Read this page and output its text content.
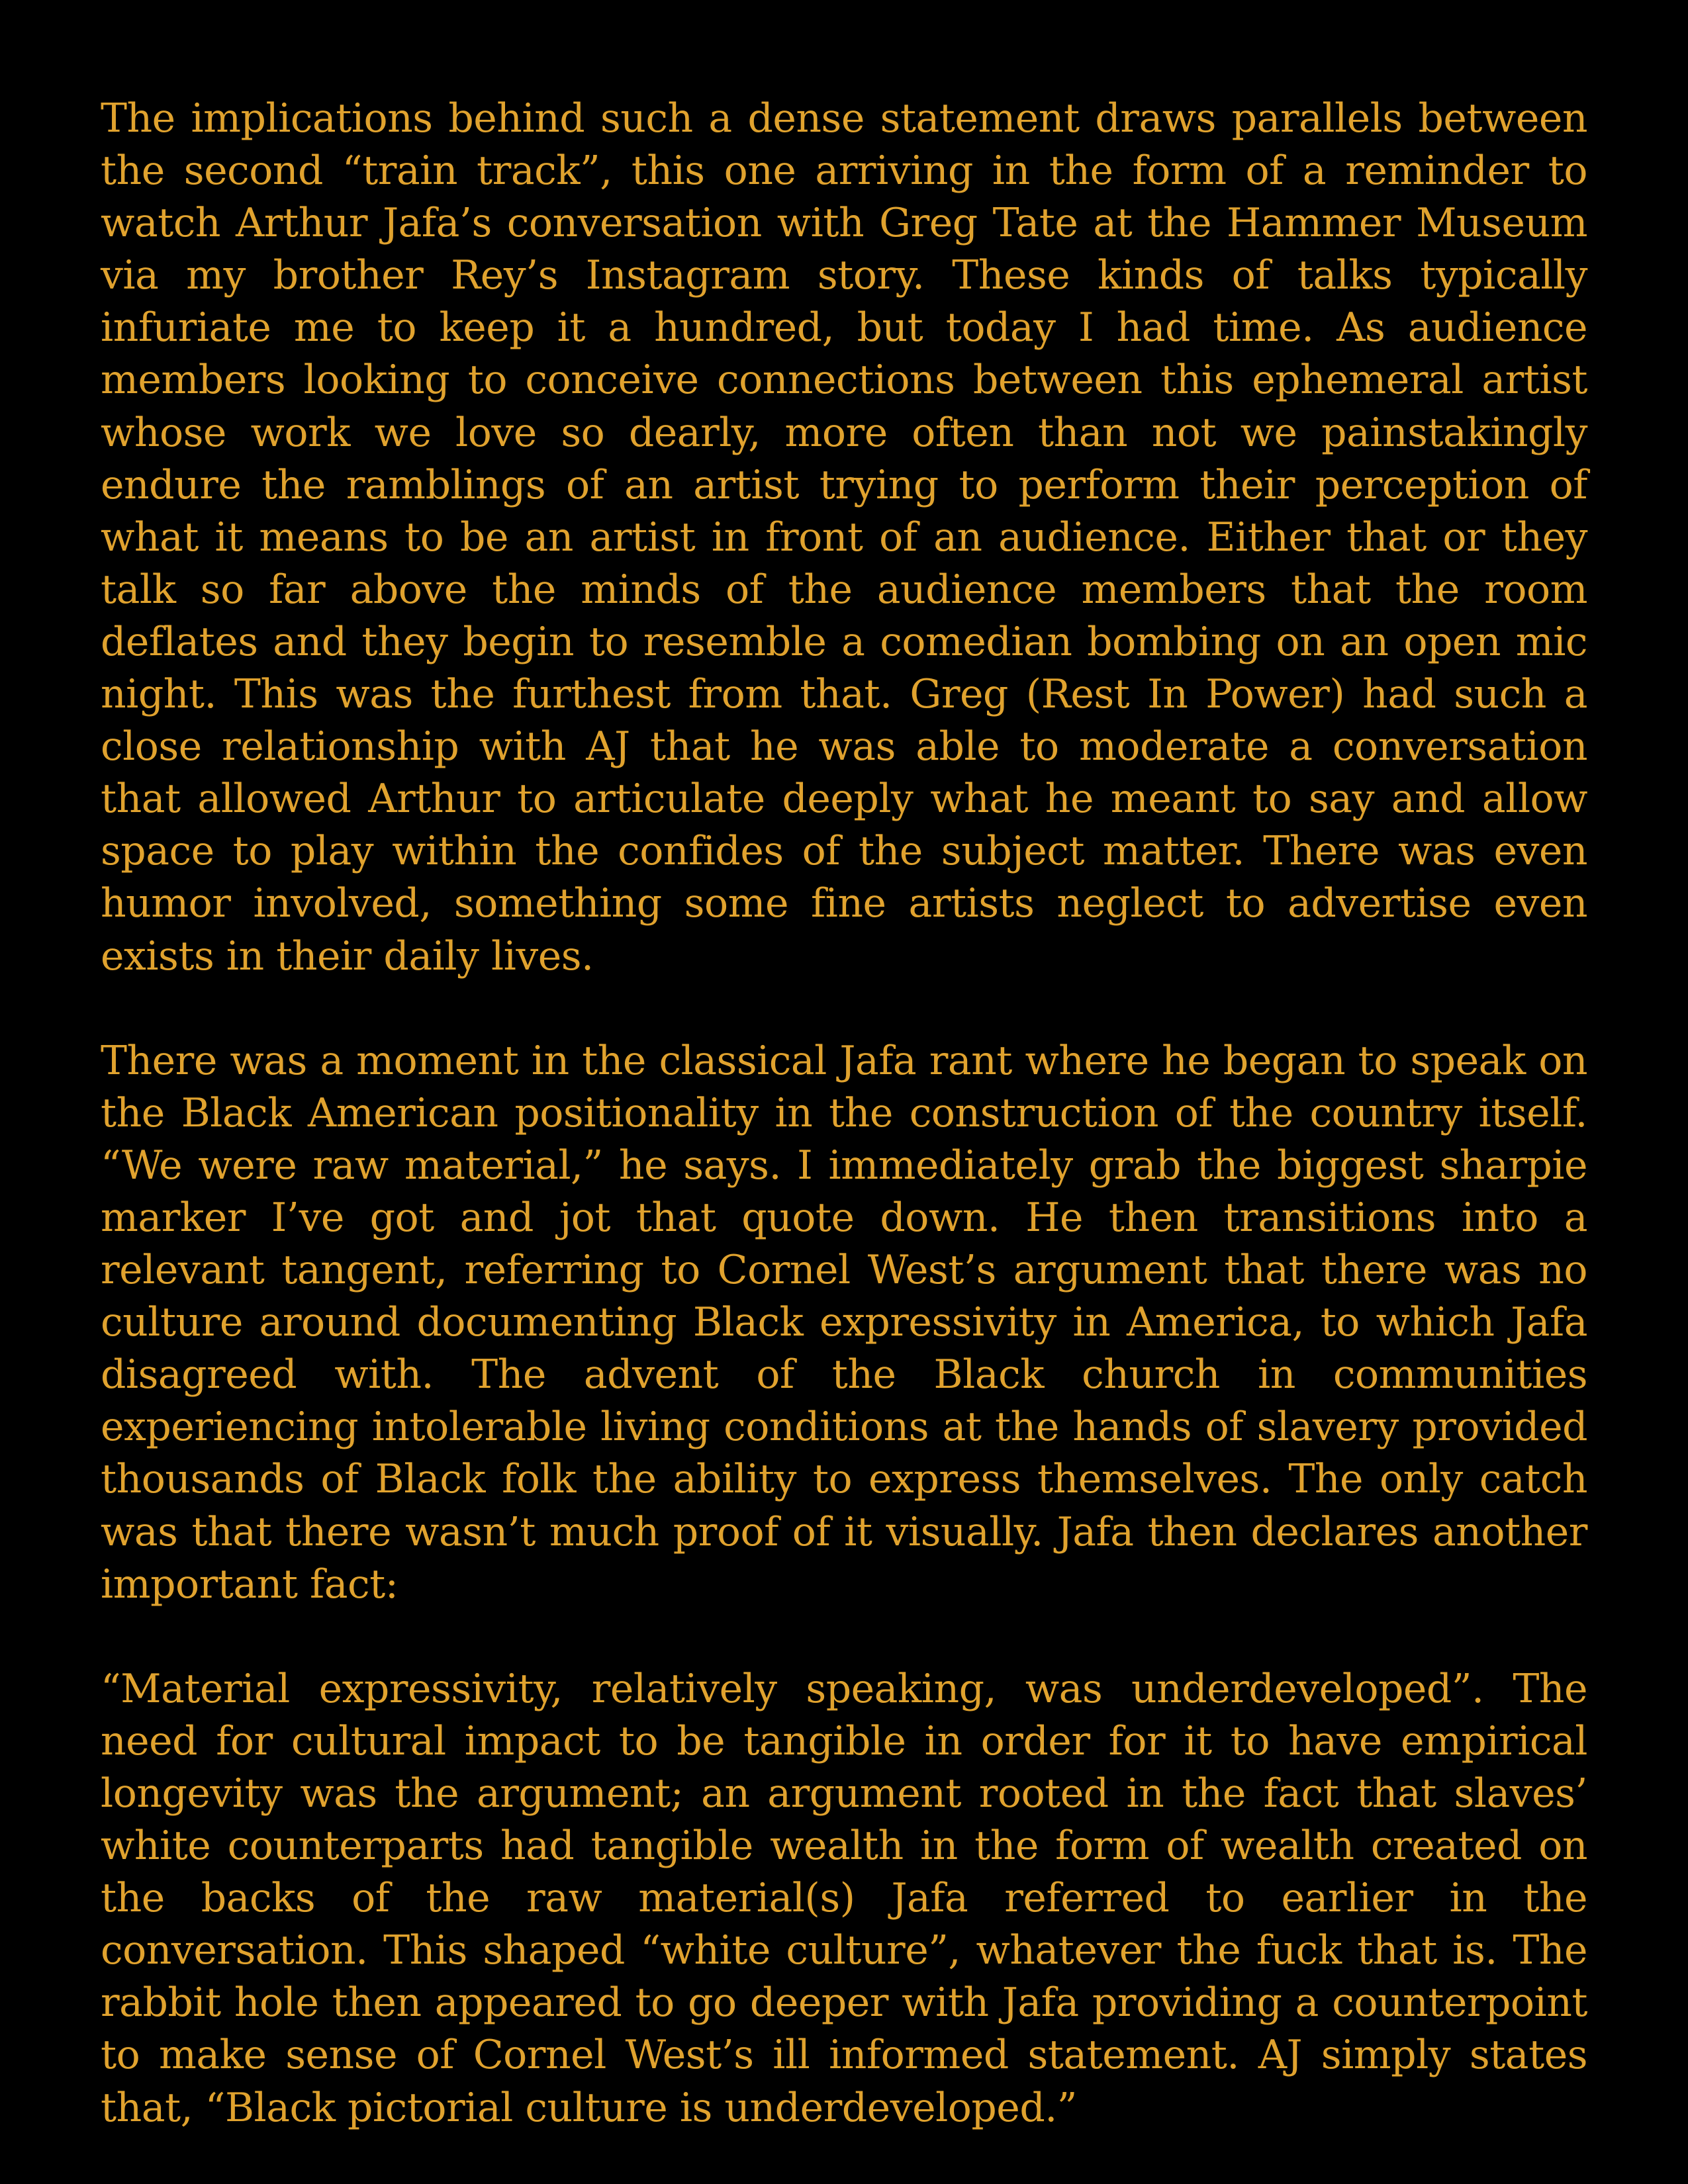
The implications behind such a dense statement draws parallels between the second “train track”, this one arriving in the form of a reminder to watch Arthur Jafa’s conversation with Greg Tate at the Hammer Museum via my brother Rey’s Instagram story. These kinds of talks typically infuriate me to keep it a hundred, but today I had time. As audience members looking to conceive connections between this ephemeral artist whose work we love so dearly, more often than not we painstakingly endure the ramblings of an artist trying to perform their perception of what it means to be an artist in front of an audience. Either that or they talk so far above the minds of the audience members that the room deflates and they begin to resemble a comedian bombing on an open mic night. This was the furthest from that. Greg (Rest In Power) had such a close relationship with AJ that he was able to moderate a conversation that allowed Arthur to articulate deeply what he meant to say and allow space to play within the confides of the subject matter. There was even humor involved, something some fine artists neglect to advertise even exists in their daily lives.

There was a moment in the classical Jafa rant where he began to speak on the Black American positionality in the construction of the country itself. “We were raw material,” he says. I immediately grab the biggest sharpie marker I’ve got and jot that quote down. He then transitions into a relevant tangent, referring to Cornel West’s argument that there was no culture around documenting Black expressivity in America, to which Jafa disagreed with. The advent of the Black church in communities experiencing intolerable living conditions at the hands of slavery provided thousands of Black folk the ability to express themselves. The only catch was that there wasn’t much proof of it visually. Jafa then declares another important fact:

“Material expressivity, relatively speaking, was underdeveloped”. The need for cultural impact to be tangible in order for it to have empirical longevity was the argument; an argument rooted in the fact that slaves’ white counterparts had tangible wealth in the form of wealth created on the backs of the raw material(s) Jafa referred to earlier in the conversation. This shaped “white culture”, whatever the fuck that is. The rabbit hole then appeared to go deeper with Jafa providing a counterpoint to make sense of Cornel West’s ill informed statement. AJ simply states that, “Black pictorial culture is underdeveloped.”
